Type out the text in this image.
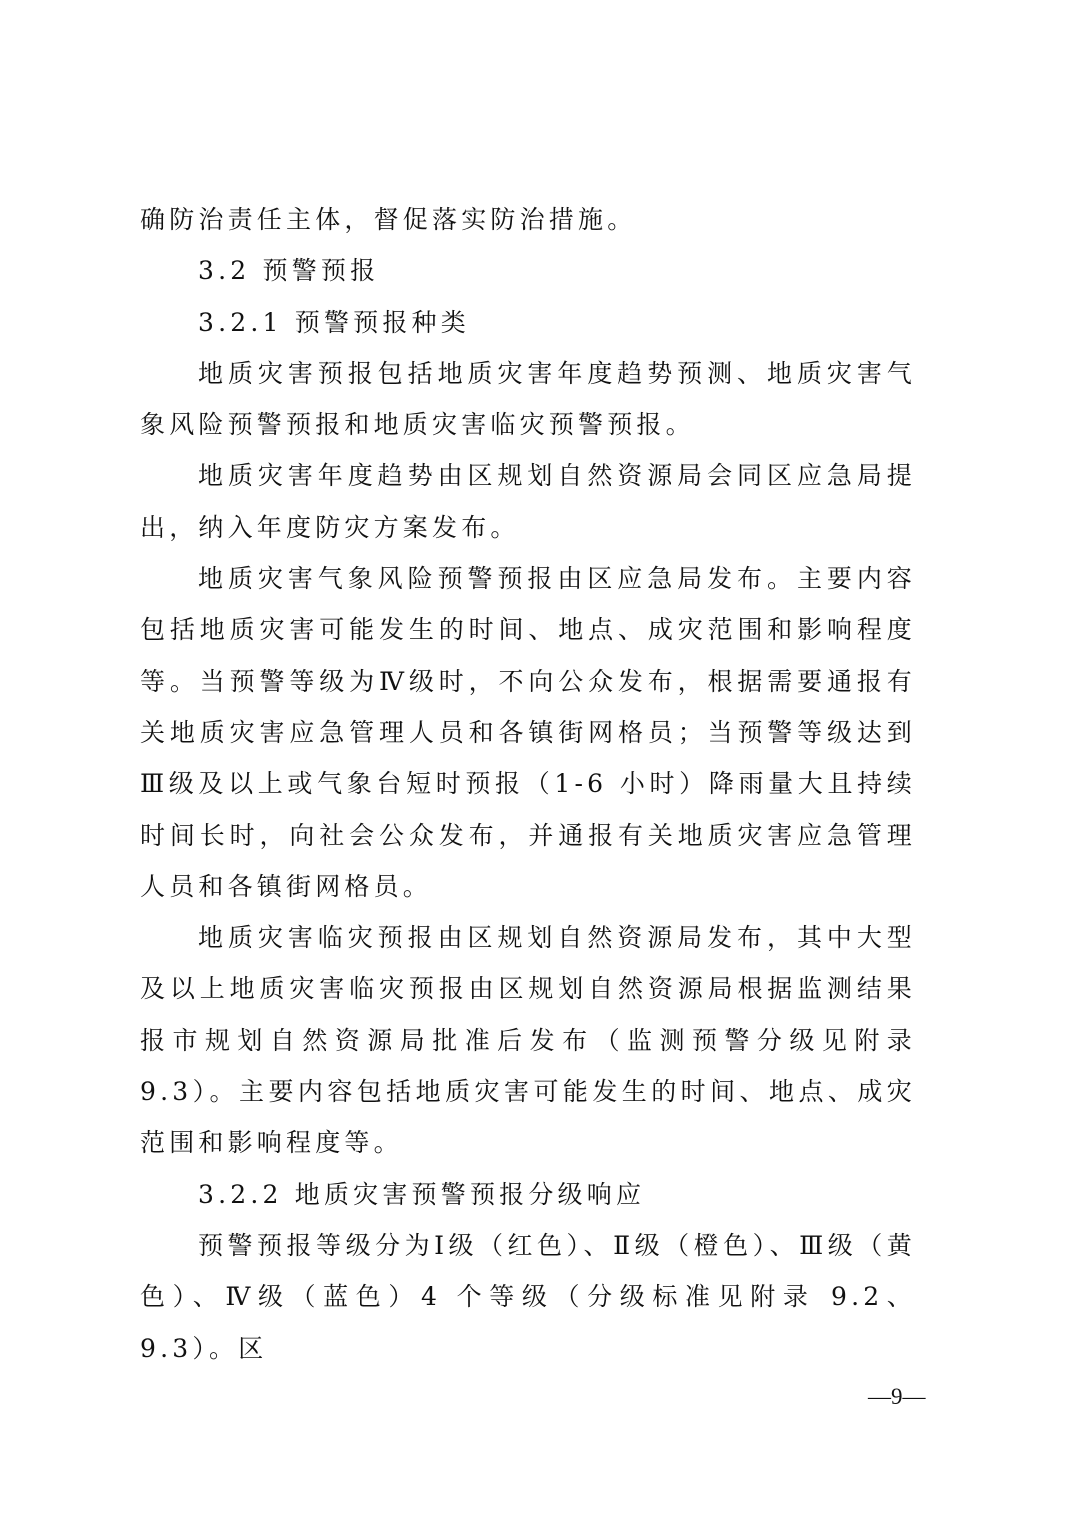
确防治责任主体，督促落实防治措施。

3.2 预警预报

3.2.1 预警预报种类

地质灾害预报包括地质灾害年度趋势预测、地质灾害气象风险预警预报和地质灾害临灾预警预报。

地质灾害年度趋势由区规划自然资源局会同区应急局提出，纳入年度防灾方案发布。

地质灾害气象风险预警预报由区应急局发布。主要内容包括地质灾害可能发生的时间、地点、成灾范围和影响程度等。当预警等级为Ⅳ级时，不向公众发布，根据需要通报有关地质灾害应急管理人员和各镇街网格员；当预警等级达到Ⅲ级及以上或气象台短时预报（1-6 小时）降雨量大且持续时间长时，向社会公众发布，并通报有关地质灾害应急管理人员和各镇街网格员。

地质灾害临灾预报由区规划自然资源局发布，其中大型及以上地质灾害临灾预报由区规划自然资源局根据监测结果报市规划自然资源局批准后发布（监测预警分级见附录 9.3）。主要内容包括地质灾害可能发生的时间、地点、成灾范围和影响程度等。

3.2.2 地质灾害预警预报分级响应

预警预报等级分为Ⅰ级（红色）、Ⅱ级（橙色）、Ⅲ级（黄色）、Ⅳ级（蓝色）4 个等级（分级标准见附录 9.2、9.3）。区

—9—
